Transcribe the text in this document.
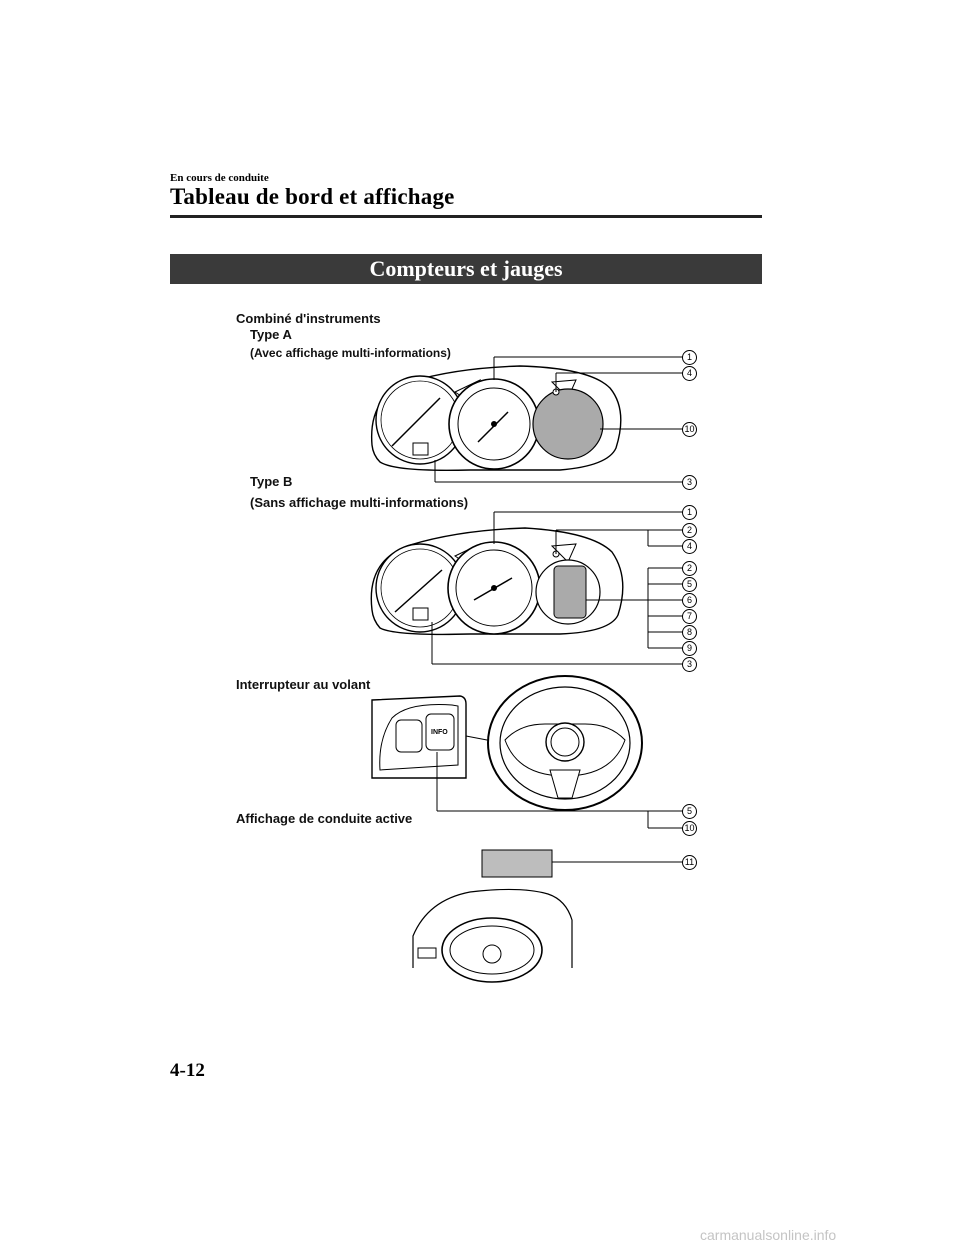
En cours de conduite
Tableau de bord et affichage
Compteurs et jauges
Combiné d'instruments
Type A
(Avec affichage multi-informations)
Type B
(Sans affichage multi-informations)
Interrupteur au volant
Affichage de conduite active
1
4
10
3
1
2
4
2
5
6
7
8
9
3
5
10
11
INFO
4-12
carmanualsonline.info
